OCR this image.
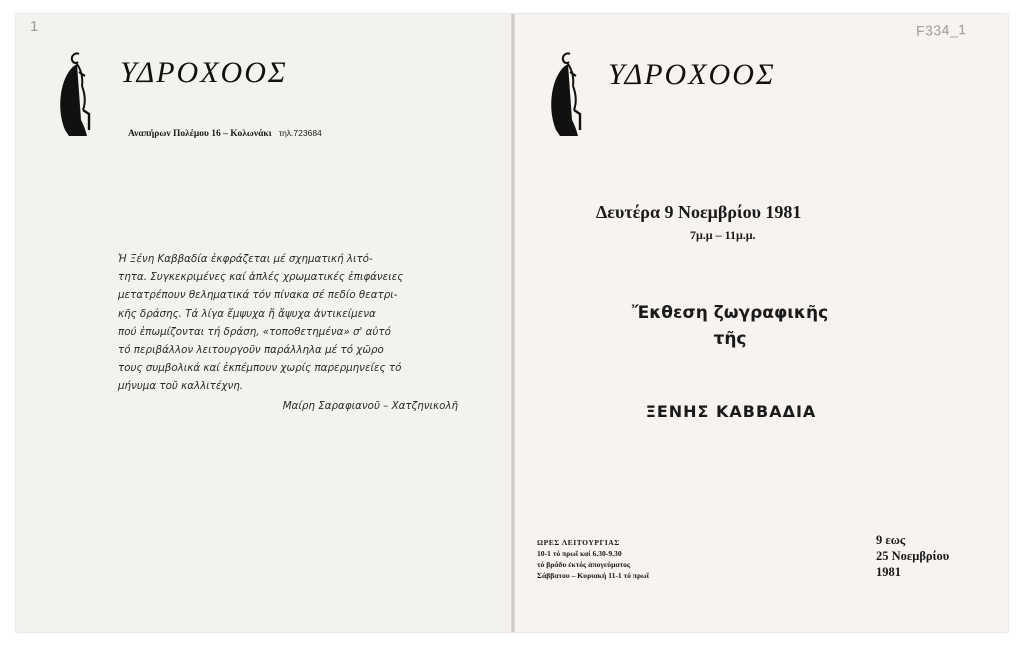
1	F334_1
ΥΔΡΟΧΟΟΣ
Αναπήρων Πολέμου 16 – Κολωνάκι τηλ.723684
Ἡ Ξένη Καββαδία ἐκφράζεται μέ σχηματική λιτό-
τητα. Συγκεκριμένες καί ἁπλές χρωματικές ἐπιφάνειες
μετατρέπουν θεληματικά τόν πίνακα σέ πεδίο θεατρι-
κῆς δράσης. Τά λίγα ἔμψυχα ἤ ἄψυχα ἀντικείμενα
πού ἐπωμίζονται τή δράση, «τοποθετημένα» σ' αὐτό
τό περιβάλλον λειτουργοῦν παράλληλα μέ τό χῶρο
τους συμβολικά καί ἐκπέμπουν χωρίς παρερμηνείες τό
μήνυμα τοῦ καλλιτέχνη.
Μαίρη Σαραφιανοῦ – Χατζηνικολῆ
ΥΔΡΟΧΟΟΣ
Δευτέρα 9 Νοεμβρίου 1981
7μ.μ – 11μ.μ.
Ἔκθεση ζωγραφικῆς
τῆς
ΞΕΝΗΣ ΚΑΒΒΑΔΙΑ
ΩΡΕΣ ΛΕΙΤΟΥΡΓΙΑΣ
10-1 τό πρωΐ καί 6.30-9.30
τό βράδυ ἐκτός ἀπογεύματος
Σάββατου – Κυριακή 11-1 τό πρωΐ
9 εως
25 Νοεμβρίου
1981
